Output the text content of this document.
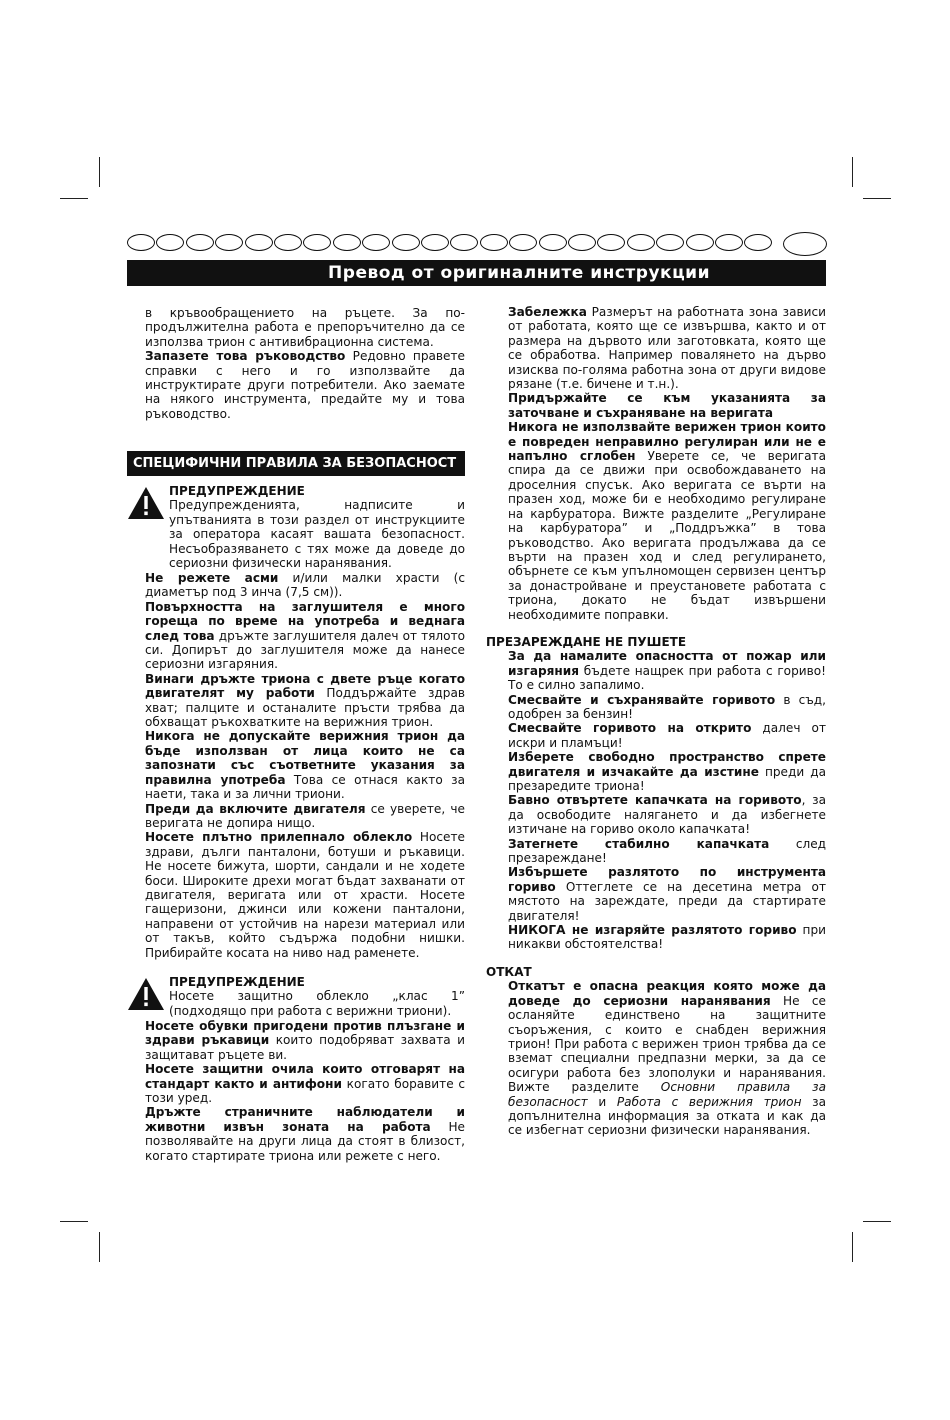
Превод от оригиналните инструкции

в кръвообращението на ръцете. За по-продължителна работа е препоръчително да се използва трион с антивибрационна система.

Запазете това ръководство Редовно правете справки с него и го използвайте да инструктирате други потребители. Ако заемате на някого инструмента, предайте му и това ръководство.

СПЕЦИФИЧНИ ПРАВИЛА ЗА БЕЗОПАСНОСТ
ПРЕДУПРЕЖДЕНИЕ

Предупрежденията, надписите и упътванията в този раздел от инструкциите за оператора касаят вашата безопасност. Несъобразяването с тях може да доведе до сериозни физически наранявания.

Не режете асми и/или малки храсти (с диаметър под 3 инча (7,5 см)).

Повърхността на заглушителя е много гореща по време на употреба и веднага след това дръжте заглушителя далеч от тялото си. Допирът до заглушителя може да нанесе сериозни изгаряния.

Винаги дръжте триона с двете ръце когато двигателят му работи Поддържайте здрав хват; палците и останалите пръсти трябва да обхващат ръкохватките на верижния трион.

Никога не допускайте верижния трион да бъде използван от лица които не са запознати със съответните указания за правилна употреба Това се отнася както за наети, така и за лични триони.

Преди да включите двигателя се уверете, че веригата не допира нищо.

Носете плътно прилепнало облекло Носете здрави, дълги панталони, ботуши и ръкавици. Не носете бижута, шорти, сандали и не ходете боси. Широките дрехи могат бъдат захванати от двигателя, веригата или от храсти. Носете гащеризони, джинси или кожени панталони, направени от устойчив на нарези материал или от такъв, който съдържа подобни нишки. Прибирайте косата на ниво над раменете.

ПРЕДУПРЕЖДЕНИЕ

Носете защитно облекло „клас 1” (подходящо при работа с верижни триони).

Носете обувки пригодени против плъзгане и здрави ръкавици които подобряват захвата и защитават ръцете ви.

Носете защитни очила които отговарят на стандарт както и антифони когато боравите с този уред.

Дръжте страничните наблюдатели и животни извън зоната на работа Не позволявайте на други лица да стоят в близост, когато стартирате триона или режете с него.

Забележка Размерът на работната зона зависи от работата, която ще се извършва, както и от размера на дървото или заготовката, която ще се обработва. Например повалянето на дърво изисква по-голяма работна зона от други видове рязане (т.е. бичене и т.н.).

Придържайте се към указанията за заточване и съхраняване на веригата

Никога не използвайте верижен трион които е повреден неправилно регулиран или не е напълно сглобен Уверете се, че веригата спира да се движи при освобождаването на дроселния спусък. Ако веригата се върти на празен ход, може би е необходимо регулиране на карбуратора. Вижте разделите „Регулиране на карбуратора” и „Поддръжка” в това ръководство. Ако веригата продължава да се върти на празен ход и след регулирането, обърнете се към упълномощен сервизен център за донастройване и преустановете работата с триона, докато не бъдат извършени необходимите поправки.

ПРЕЗАРЕЖДАНЕ НЕ ПУШЕТЕ

За да намалите опасността от пожар или изгаряния бъдете нащрек при работа с гориво! То е силно запалимо.

Смесвайте и съхранявайте горивото в съд, одобрен за бензин!

Смесвайте горивото на открито далеч от искри и пламъци!

Изберете свободно пространство спрете двигателя и изчакайте да изстине преди да презаредите триона!

Бавно отвъртете капачката на горивото, за да освободите налягането и да избегнете изтичане на гориво около капачката!

Затегнете стабилно капачката след презареждане!

Избършете разлятото по инструмента гориво Оттеглете се на десетина метра от мястото на зареждате, преди да стартирате двигателя!

НИКОГА не изгаряйте разлятото гориво при никакви обстоятелства!

ОТКАТ

Откатът е опасна реакция която може да доведе до сериозни наранявания Не се осланяйте единствено на защитните съоръжения, с които е снабден верижния трион! При работа с верижен трион трябва да се вземат специални предпазни мерки, за да се осигури работа без злополуки и наранявания. Вижте разделите Основни правила за безопасност и Работа с верижния трион за допълнителна информация за отката и как да се избегнат сериозни физически наранявания.
